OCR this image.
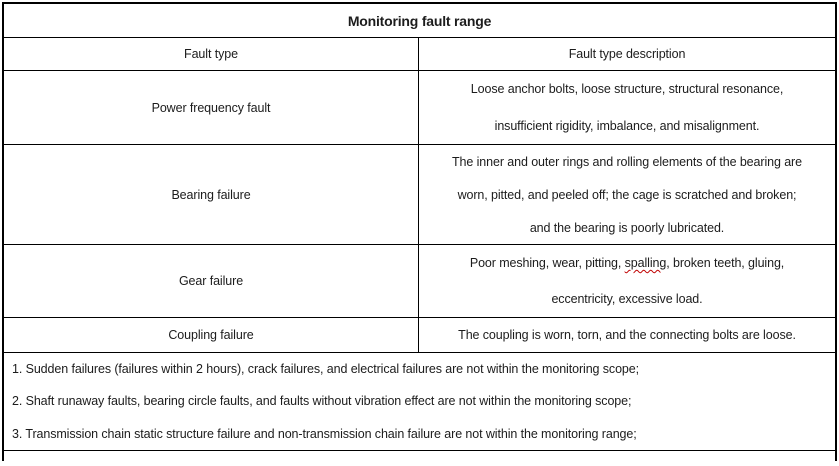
Monitoring fault range
Fault type	Fault type description
Power frequency fault
Loose anchor bolts, loose structure, structural resonance,
insufficient rigidity, imbalance, and misalignment.
Bearing failure
The inner and outer rings and rolling elements of the bearing are
worn, pitted, and peeled off; the cage is scratched and broken;
and the bearing is poorly lubricated.
Gear failure
Poor meshing, wear, pitting, spalling, broken teeth, gluing,
eccentricity, excessive load.
Coupling failure	The coupling is worn, torn, and the connecting bolts are loose.
1. Sudden failures (failures within 2 hours), crack failures, and electrical failures are not within the monitoring scope;
2. Shaft runaway faults, bearing circle faults, and faults without vibration effect are not within the monitoring scope;
3. Transmission chain static structure failure and non-transmission chain failure are not within the monitoring range;
